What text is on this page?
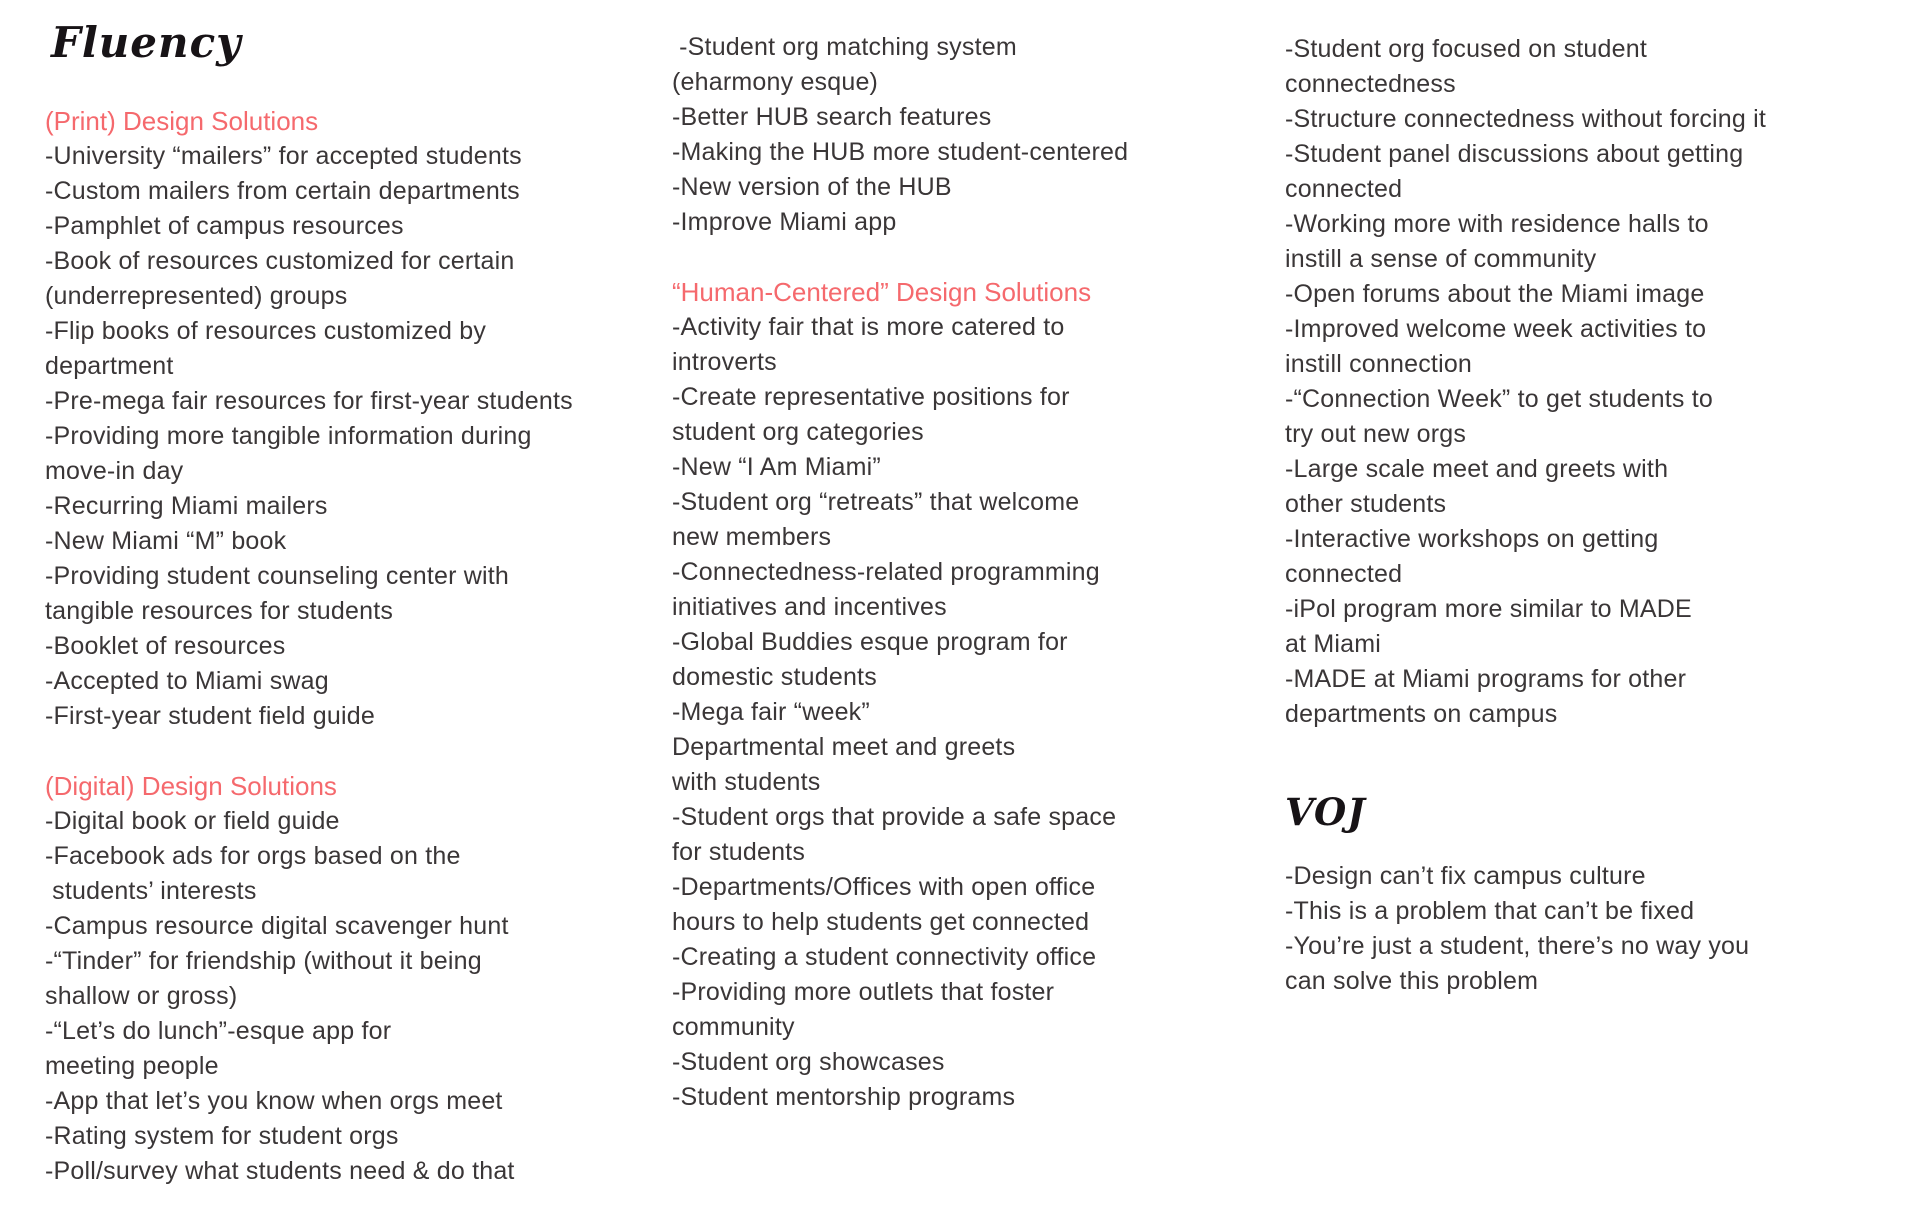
Fluency
(Print) Design Solutions
-University “mailers” for accepted students
-Custom mailers from certain departments
-Pamphlet of campus resources
-Book of resources customized for certain
(underrepresented) groups
-Flip books of resources customized by
department
-Pre-mega fair resources for first-year students
-Providing more tangible information during
move-in day
-Recurring Miami mailers
-New Miami “M” book
-Providing student counseling center with
tangible resources for students
-Booklet of resources
-Accepted to Miami swag
-First-year student field guide
(Digital) Design Solutions
-Digital book or field guide
-Facebook ads for orgs based on the
students’ interests
-Campus resource digital scavenger hunt
-“Tinder” for friendship (without it being
shallow or gross)
-“Let’s do lunch”-esque app for
meeting people
-App that let’s you know when orgs meet
-Rating system for student orgs
-Poll/survey what students need & do that
-Student org matching system
(eharmony esque)
-Better HUB search features
-Making the HUB more student-centered
-New version of the HUB
-Improve Miami app
“Human-Centered” Design Solutions
-Activity fair that is more catered to
introverts
-Create representative positions for
student org categories
-New “I Am Miami”
-Student org “retreats” that welcome
new members
-Connectedness-related programming
initiatives and incentives
-Global Buddies esque program for
domestic students
-Mega fair “week”
Departmental meet and greets
with students
-Student orgs that provide a safe space
for students
-Departments/Offices with open office
hours to help students get connected
-Creating a student connectivity office
-Providing more outlets that foster
community
-Student org showcases
-Student mentorship programs
-Student org focused on student
connectedness
-Structure connectedness without forcing it
-Student panel discussions about getting
connected
-Working more with residence halls to
instill a sense of community
-Open forums about the Miami image
-Improved welcome week activities to
instill connection
-“Connection Week” to get students to
try out new orgs
-Large scale meet and greets with
other students
-Interactive workshops on getting
connected
-iPol program more similar to MADE
at Miami
-MADE at Miami programs for other
departments on campus
VOJ
-Design can’t fix campus culture
-This is a problem that can’t be fixed
-You’re just a student, there’s no way you
can solve this problem
